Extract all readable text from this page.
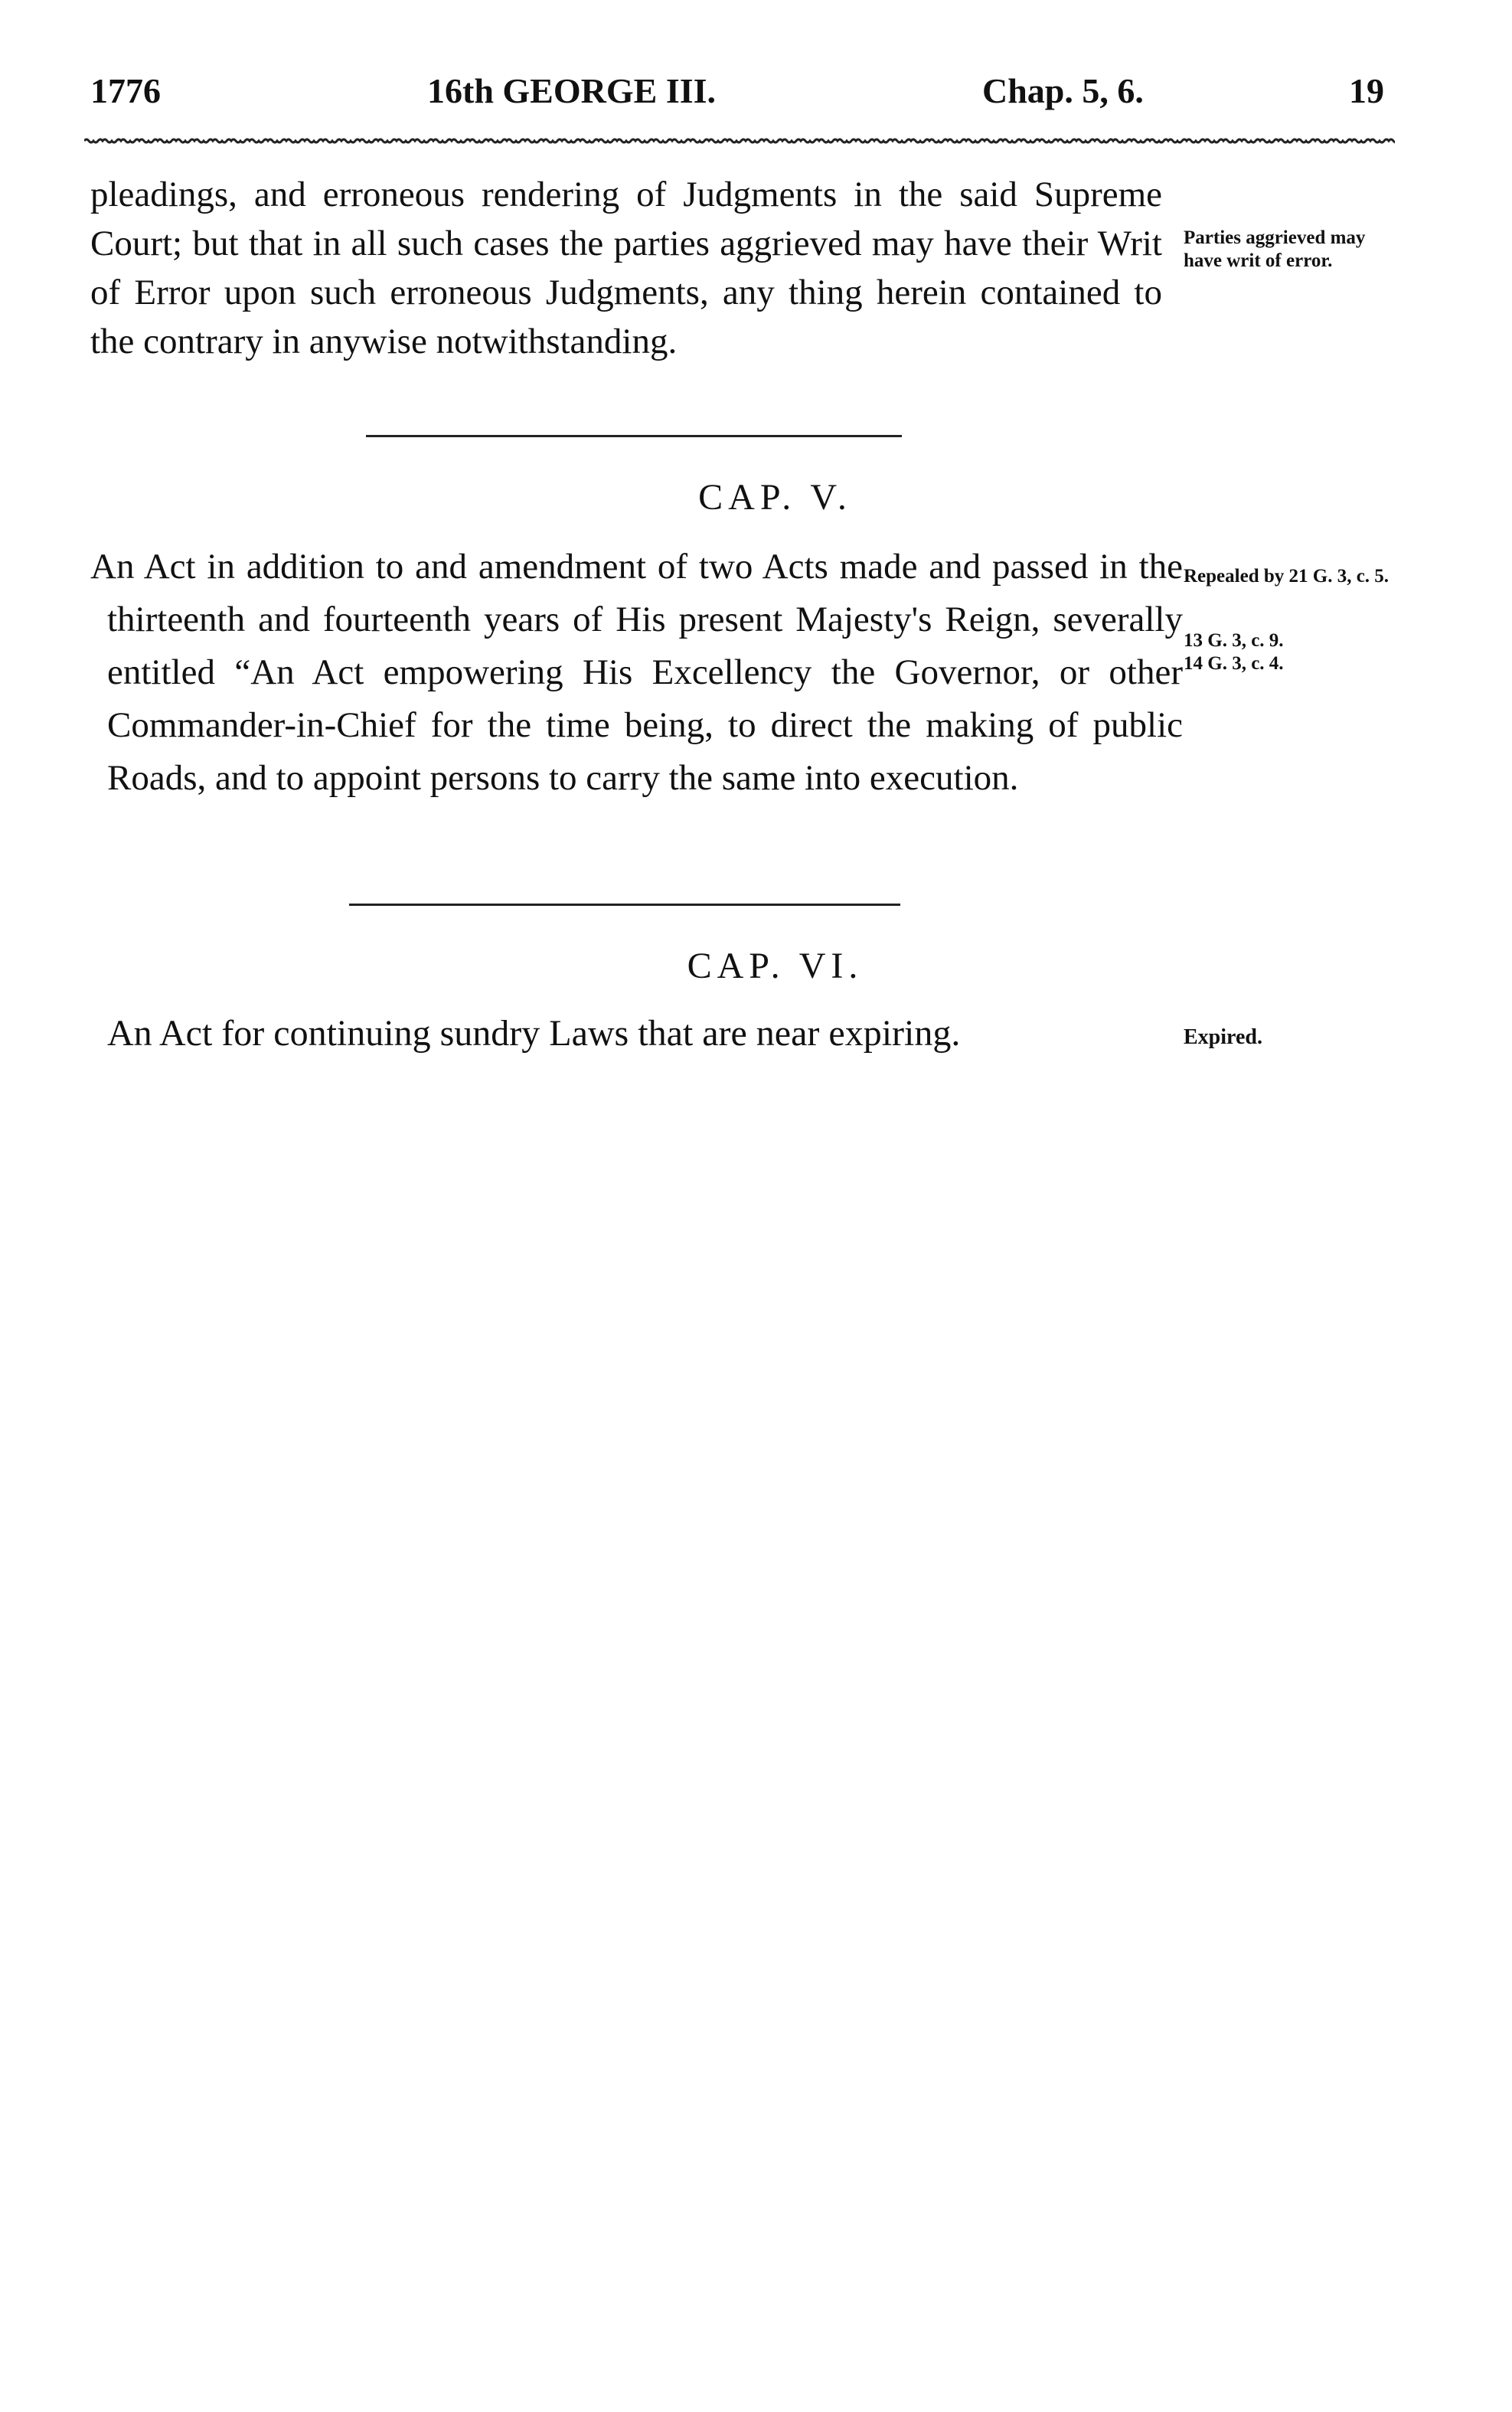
1776	16th GEORGE III.	Chap. 5, 6.	19
pleadings, and erroneous rendering of Judgments in the said Supreme Court; but that in all such cases the parties aggrieved may have their Writ of Error upon such erroneous Judgments, any thing herein contained to the contrary in anywise notwithstanding.
Parties aggrieved may have writ of error.
CAP. V.
An Act in addition to and amendment of two Acts made and passed in the thirteenth and fourteenth years of His present Majesty's Reign, severally entitled “An Act empowering His Excellency the Governor, or other Commander-in-Chief for the time being, to direct the making of public Roads, and to appoint persons to carry the same into execution.
Repealed by 21 G. 3, c. 5.
13 G. 3, c. 9.
14 G. 3, c. 4.
CAP. VI.
An Act for continuing sundry Laws that are near expiring.	Expired.
